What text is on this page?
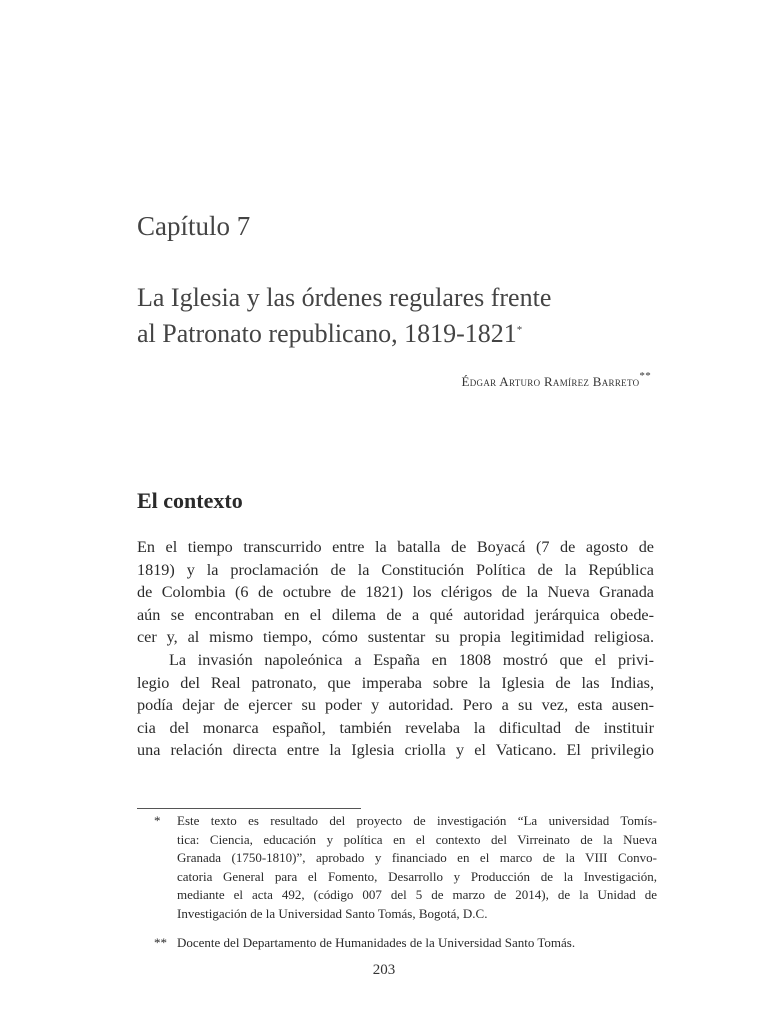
Capítulo 7
La Iglesia y las órdenes regulares frente
al Patronato republicano, 1819-1821*
Édgar Arturo Ramírez Barreto**
El contexto

En el tiempo transcurrido entre la batalla de Boyacá (7 de agosto de
1819) y la proclamación de la Constitución Política de la República
de Colombia (6 de octubre de 1821) los clérigos de la Nueva Granada
aún se encontraban en el dilema de a qué autoridad jerárquica obede-
cer y, al mismo tiempo, cómo sustentar su propia legitimidad religiosa.

La invasión napoleónica a España en 1808 mostró que el privi-
legio del Real patronato, que imperaba sobre la Iglesia de las Indias,
podía dejar de ejercer su poder y autoridad. Pero a su vez, esta ausen-
cia del monarca español, también revelaba la dificultad de instituir
una relación directa entre la Iglesia criolla y el Vaticano. El privilegio

* Este texto es resultado del proyecto de investigación “La universidad Tomís-
tica: Ciencia, educación y política en el contexto del Virreinato de la Nueva
Granada (1750-1810)”, aprobado y financiado en el marco de la VIII Convo-
catoria General para el Fomento, Desarrollo y Producción de la Investigación,
mediante el acta 492, (código 007 del 5 de marzo de 2014), de la Unidad de
Investigación de la Universidad Santo Tomás, Bogotá, D.C.
** Docente del Departamento de Humanidades de la Universidad Santo Tomás.
203
